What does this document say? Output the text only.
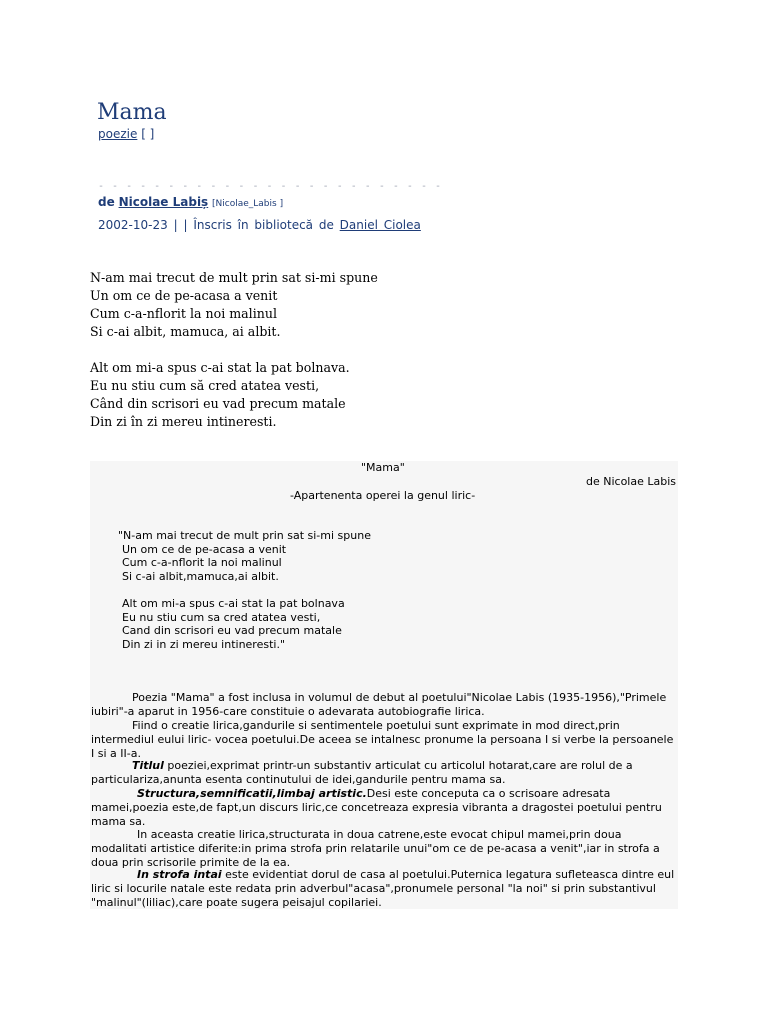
Mama
poezie [ ]
- - - - - - - - - - - - - - - - - - - - - - - - -
de Nicolae Labiș [Nicolae_Labis ]
2002-10-23 | | Înscris în bibliotecă de Daniel Ciolea
N-am mai trecut de mult prin sat si-mi spune
Un om ce de pe-acasa a venit
Cum c-a-nflorit la noi malinul
Si c-ai albit, mamuca, ai albit.
Alt om mi-a spus c-ai stat la pat bolnava.
Eu nu stiu cum să cred atatea vesti,
Când din scrisori eu vad precum matale
Din zi în zi mereu intineresti.
"Mama"
de Nicolae Labis
-Apartenenta operei la genul liric-
"N-am mai trecut de mult prin sat si-mi spune
Un om ce de pe-acasa a venit
Cum c-a-nflorit la noi malinul
Si c-ai albit,mamuca,ai albit.
Alt om mi-a spus c-ai stat la pat bolnava
Eu nu stiu cum sa cred atatea vesti,
Cand din scrisori eu vad precum matale
Din zi in zi mereu intineresti."

Poezia "Mama" a fost inclusa in volumul de debut al poetului"Nicolae Labis (1935-1956),"Primele iubiri"-a aparut in 1956-care constituie o adevarata autobiografie lirica.

Fiind o creatie lirica,gandurile si sentimentele poetului sunt exprimate in mod direct,prin intermediul eului liric- vocea poetului.De aceea se intalnesc pronume la persoana I si verbe la persoanele I si a II-a.

Titlul poeziei,exprimat printr-un substantiv articulat cu articolul hotarat,care are rolul de a particulariza,anunta esenta continutului de idei,gandurile pentru mama sa.

Structura,semnificatii,limbaj artistic.Desi este conceputa ca o scrisoare adresata mamei,poezia este,de fapt,un discurs liric,ce concetreaza expresia vibranta a dragostei poetului pentru mama sa.

In aceasta creatie lirica,structurata in doua catrene,este evocat chipul mamei,prin doua modalitati artistice diferite:in prima strofa prin relatarile unui"om ce de pe-acasa a venit",iar in strofa a doua prin scrisorile primite de la ea.

In strofa intai este evidentiat dorul de casa al poetului.Puternica legatura sufleteasca dintre eul liric si locurile natale este redata prin adverbul"acasa",pronumele personal "la noi" si prin substantivul "malinul"(liliac),care poate sugera peisajul copilariei.
